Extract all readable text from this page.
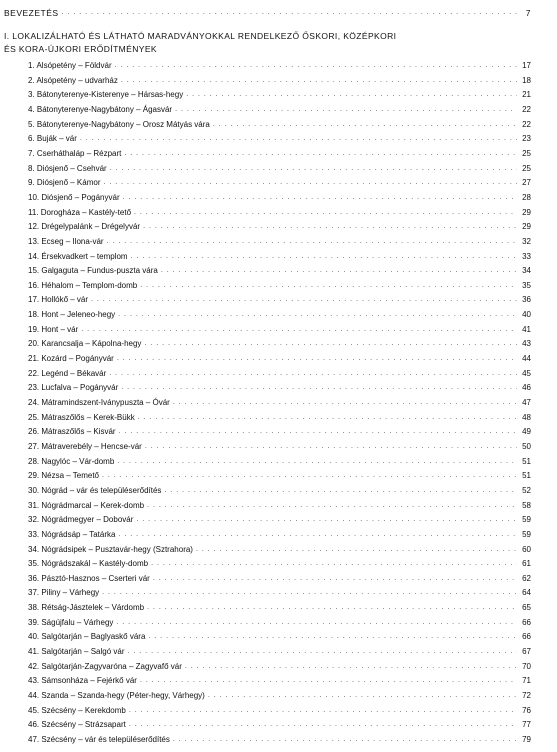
BEVEZETÉS . . .	7
I. LOKALIZÁLHATÓ ÉS LÁTHATÓ MARADVÁNYOKKAL RENDELKEZŐ ŐSKORI, KÖZÉPKORI
ÉS KORA-ÚJKORI ERŐDÍTMÉNYEK
1. Alsópetény – Földvár . . .	17
2. Alsópetény – udvarház . . .	18
3. Bátonyterenye-Kisterenye – Hársas-hegy . . .	21
4. Bátonyterenye-Nagybátony – Ágasvár . . .	22
5. Bátonyterenye-Nagybátony – Orosz Mátyás vára . . .	22
6. Buják – vár . . .	23
7. Cserháthaláp – Rézpart . . .	25
8. Diósjenő – Csehvár . . .	25
9. Diósjenő – Kámor . . .	27
10. Diósjenő – Pogányvár . . .	28
11. Dorogháza – Kastély-tető . . .	29
12. Drégelypalánk – Drégelyvár . . .	29
13. Ecseg – Ilona-vár . . .	32
14. Érsekvadkert – templom . . .	33
15. Galgaguta – Fundus-puszta vára . . .	34
16. Héhalom – Templom-domb . . .	35
17. Hollókő – vár . . .	36
18. Hont – Jeleneo-hegy . . .	40
19. Hont – vár . . .	41
20. Karancsalja – Kápolna-hegy . . .	43
21. Kozárd – Pogányvár . . .	44
22. Legénd – Békavár . . .	45
23. Lucfalva – Pogányvár . . .	46
24. Mátramindszent-Iványpuszta – Óvár . . .	47
25. Mátraszőlős – Kerek-Bükk . . .	48
26. Mátraszőlős – Kisvár . . .	49
27. Mátraverebély – Hencse-vár . . .	50
28. Nagylóc – Vár-domb . . .	51
29. Nézsa – Temető . . .	51
30. Nógrád – vár és településerődítés . . .	52
31. Nógrádmarcal – Kerek-domb . . .	58
32. Nógrádmegyer – Dobovár . . .	59
33. Nógrádsáp – Tatárka . . .	59
34. Nógrádsipek – Pusztavár-hegy (Sztrahora) . . .	60
35. Nógrádszakál – Kastély-domb . . .	61
36. Pásztó-Hasznos – Cserteri vár . . .	62
37. Piliny – Várhegy . . .	64
38. Rétság-Jásztelek – Várdomb . . .	65
39. Ságújfalu – Várhegy . . .	66
40. Salgótarján – Baglyaskő vára . . .	66
41. Salgótarján – Salgó vár . . .	67
42. Salgótarján-Zagyvaróna – Zagyvafő vár . . .	70
43. Sámsonháza – Fejérkő vár . . .	71
44. Szanda – Szanda-hegy (Péter-hegy, Várhegy) . . .	72
45. Szécsény – Kerekdomb . . .	76
46. Szécsény – Strázsapart . . .	77
47. Szécsény – vár és településerődítés . . .	79
